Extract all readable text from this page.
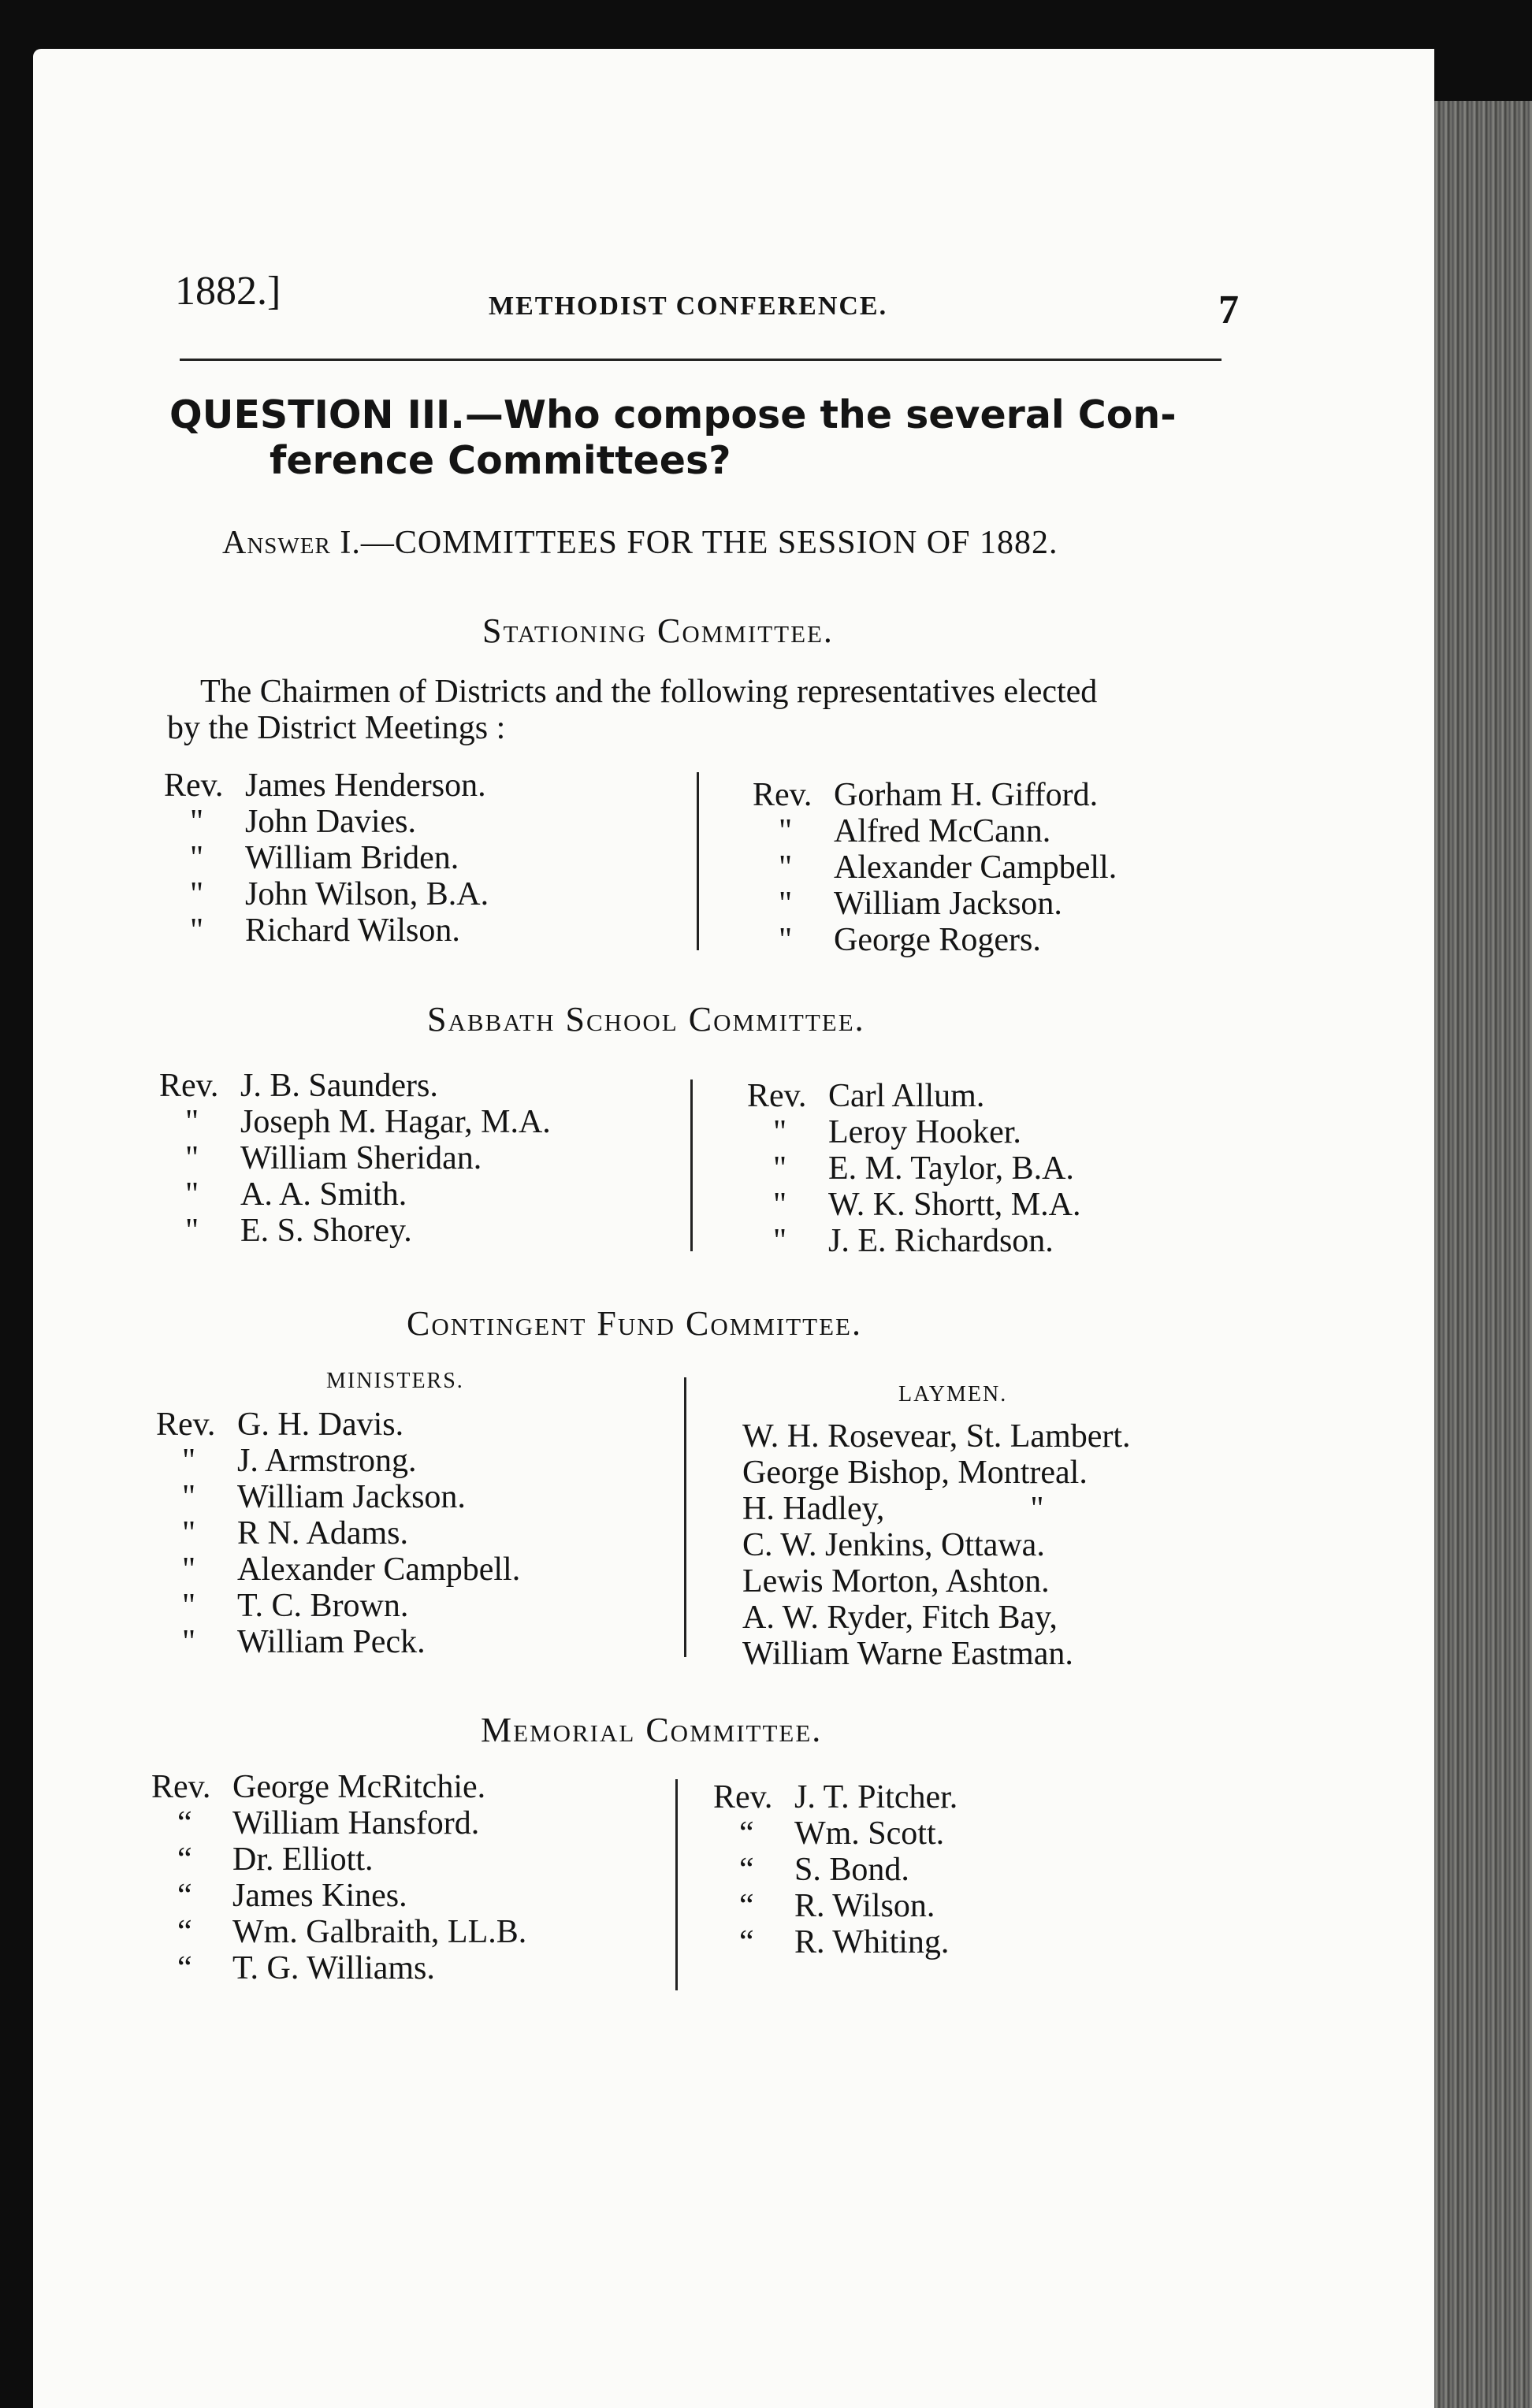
1882.]	METHODIST CONFERENCE.	7
QUESTION III.—Who compose the several Con-
ference Committees?
Answer I.—COMMITTEES FOR THE SESSION OF 1882.
Stationing Committee.
The Chairmen of Districts and the following representatives elected
by the District Meetings :
Rev. James Henderson.
"	John Davies.
"	William Briden.
"	John Wilson, B.A.
"	Richard Wilson.
Rev. Gorham H. Gifford.
"	Alfred McCann.
"	Alexander Campbell.
"	William Jackson.
"	George Rogers.
Sabbath School Committee.
Rev. J. B. Saunders.
"	Joseph M. Hagar, M.A.
"	William Sheridan.
"	A. A. Smith.
"	E. S. Shorey.
Rev. Carl Allum.
"	Leroy Hooker.
"	E. M. Taylor, B.A.
"	W. K. Shortt, M.A.
"	J. E. Richardson.
Contingent Fund Committee.
MINISTERS.
LAYMEN.
Rev. G. H. Davis.
"	J. Armstrong.
"	William Jackson.
"	R N. Adams.
"	Alexander Campbell.
"	T. C. Brown.
"	William Peck.
W. H. Rosevear, St. Lambert.
George Bishop, Montreal.
H. Hadley,	"
C. W. Jenkins, Ottawa.
Lewis Morton, Ashton.
A. W. Ryder, Fitch Bay,
William Warne Eastman.
Memorial Committee.
Rev. George McRitchie.
“	William Hansford.
“	Dr. Elliott.
“	James Kines.
“	Wm. Galbraith, LL.B.
“	T. G. Williams.
Rev. J. T. Pitcher.
“	Wm. Scott.
“	S. Bond.
“	R. Wilson.
“	R. Whiting.
